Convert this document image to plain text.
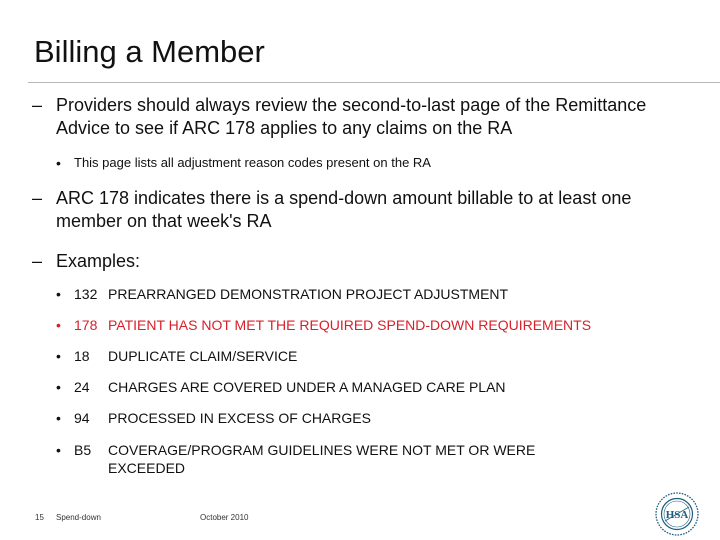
Billing a Member
– Providers should always review the second-to-last page of the Remittance Advice to see if ARC 178 applies to any claims on the RA
•	This page lists all adjustment reason codes present on the RA
– ARC 178 indicates there is a spend-down amount billable to at least one member on that week's RA
– Examples:
• 132 PREARRANGED DEMONSTRATION PROJECT ADJUSTMENT
• 178 PATIENT HAS NOT MET THE REQUIRED SPEND-DOWN REQUIREMENTS
• 18	DUPLICATE CLAIM/SERVICE
• 24	CHARGES ARE COVERED UNDER A MANAGED CARE PLAN
• 94	PROCESSED IN EXCESS OF CHARGES
• B5	COVERAGE/PROGRAM GUIDELINES WERE NOT MET OR WERE EXCEEDED
15 Spend-down	October 2010	HSA
